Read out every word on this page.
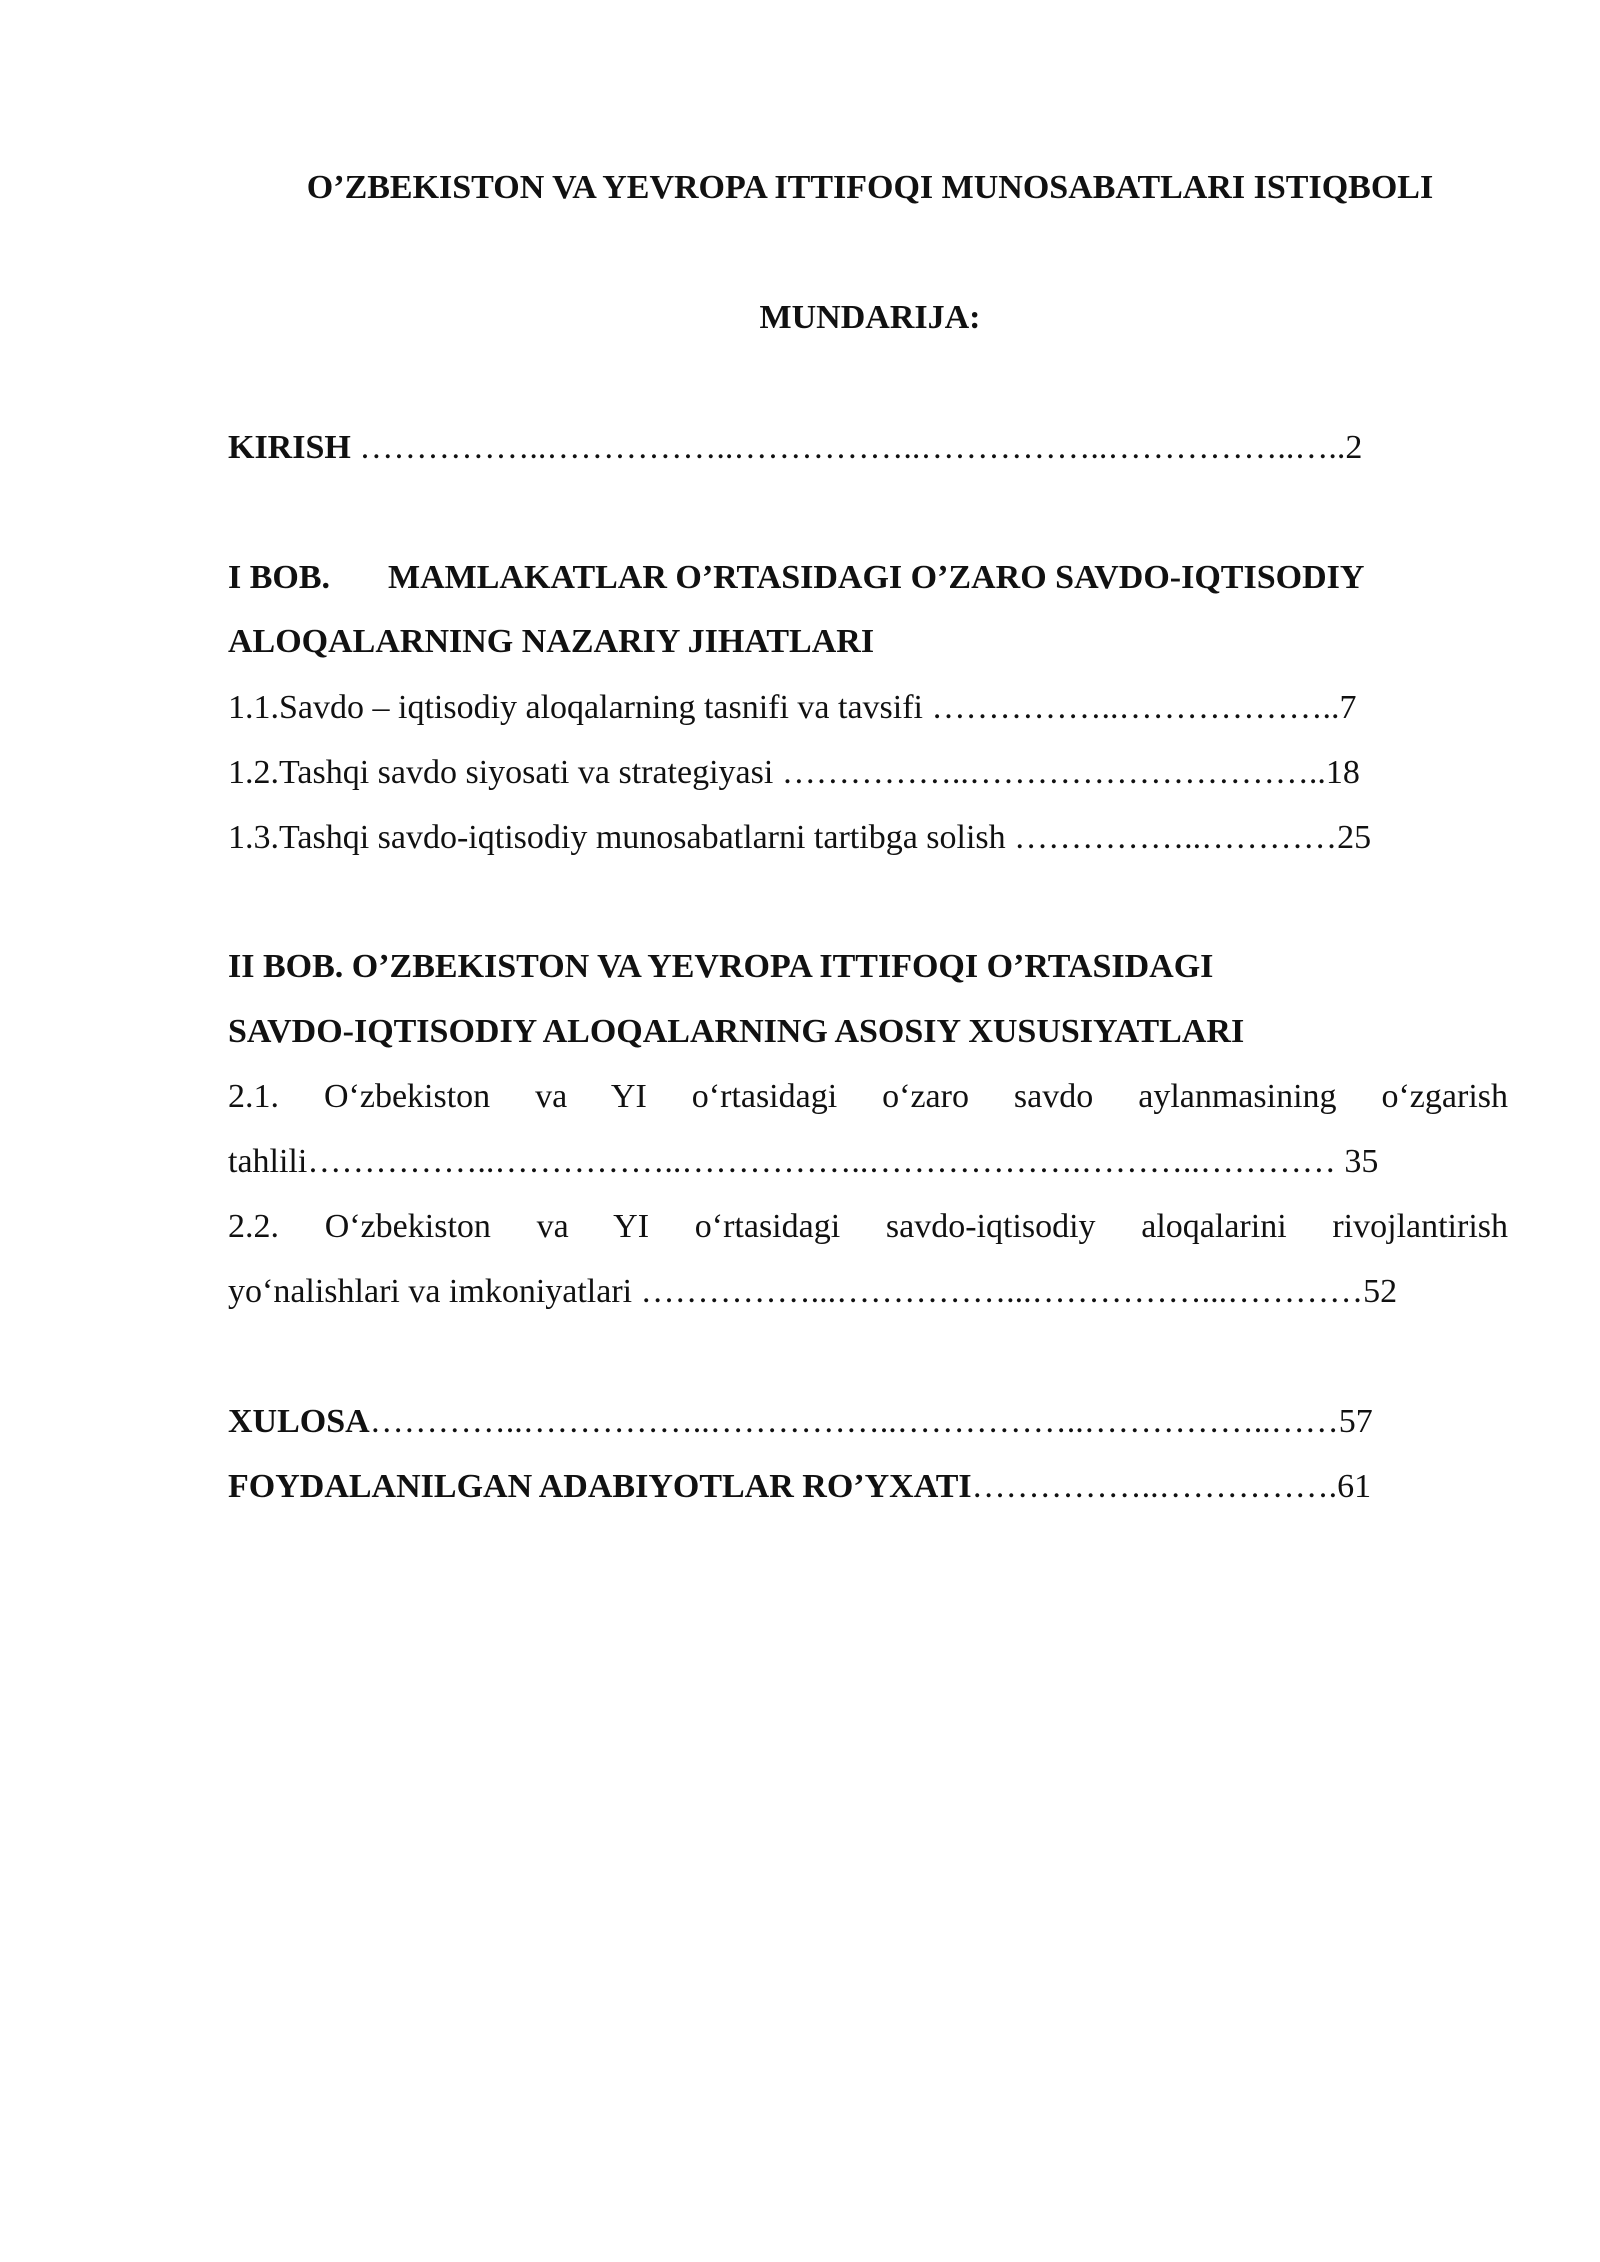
O’ZBEKISTON VA YEVROPA ITTIFOQI MUNOSABATLARI ISTIQBOLI
MUNDARIJA:
KIRISH ……………..……………..……………..……………..……………..…..2
I BOB. MAMLAKATLAR O’RTASIDAGI O’ZARO SAVDO-IQTISODIY
ALOQALARNING NAZARIY JIHATLARI
1.1.Savdo – iqtisodiy aloqalarning tasnifi va tavsifi ……………..………………..7
1.2.Tashqi savdo siyosati va strategiyasi ……………..…………………………..18
1.3.Tashqi savdo-iqtisodiy munosabatlarni tartibga solish ……………..…………25
II BOB. O’ZBEKISTON VA YEVROPA ITTIFOQI O’RTASIDAGI
SAVDO-IQTISODIY ALOQALARNING ASOSIY XUSUSIYATLARI
2.1. O‘zbekiston va YI o‘rtasidagi o‘zaro savdo aylanmasining o‘zgarish
tahlili……………..……………..……………..……………….………..………… 35
2.2. O‘zbekiston va YI o‘rtasidagi savdo-iqtisodiy aloqalarini rivojlantirish
yo‘nalishlari va imkoniyatlari ……………...……………...……………...…………52
XULOSA…………..……………..……………..……………..……………..……57
FOYDALANILGAN ADABIYOTLAR RO’YXATI……………..…………….61
